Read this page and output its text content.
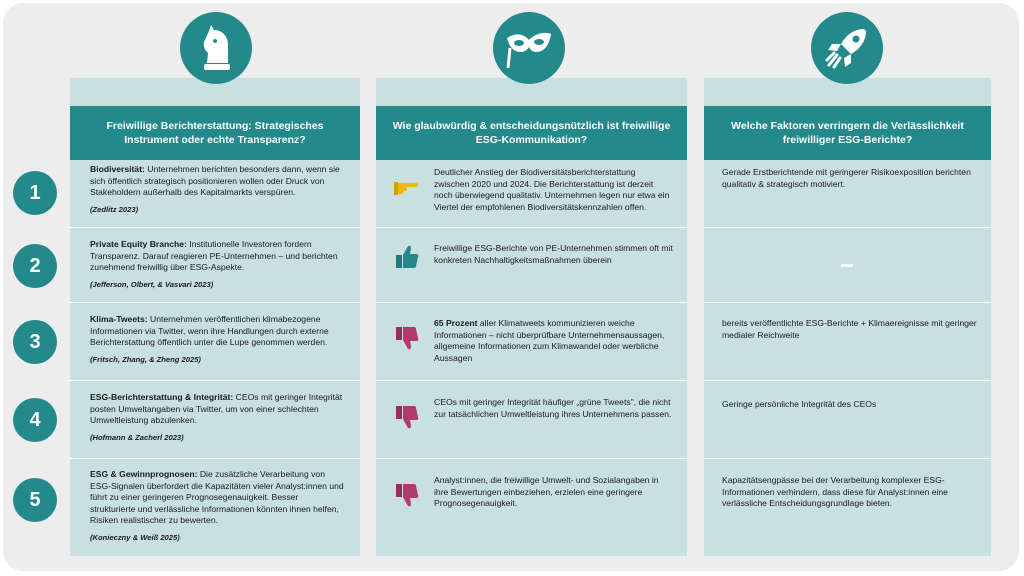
Freiwillige Berichterstattung: Strategisches Instrument oder echte Transparenz?
Biodiversität: Unternehmen berichten besonders dann, wenn sie sich öffentlich strategisch positionieren wollen oder Druck von Stakeholdern außerhalb des Kapitalmarkts verspüren.
(Zedlitz 2023)
Private Equity Branche: Institutionelle Investoren fordern Transparenz. Darauf reagieren PE-Unternehmen – und berichten zunehmend freiwillig über ESG-Aspekte.
(Jefferson, Olbert, & Vasvari 2023)
Klima-Tweets: Unternehmen veröffentlichen klimabezogene Informationen via Twitter, wenn ihre Handlungen durch externe Berichterstattung öffentlich unter die Lupe genommen werden.
(Fritsch, Zhang, & Zheng 2025)
ESG-Berichterstattung & Integrität: CEOs mit geringer Integrität posten Umweltangaben via Twitter, um von einer schlechten Umweltleistung abzulenken.
(Hofmann & Zacherl 2023)
ESG & Gewinnprognosen: Die zusätzliche Verarbeitung von ESG-Signalen überfordert die Kapazitäten vieler Analyst:innen und führt zu einer geringeren Prognosegenauigkeit. Besser strukturierte und verlässliche Informationen könnten ihnen helfen, Risiken realistischer zu bewerten.
(Konieczny & Weiß 2025)
Wie glaubwürdig & entscheidungsnützlich ist freiwillige ESG-Kommunikation?
Deutlicher Anstieg der Biodiversitätsberichterstattung zwischen 2020 und 2024. Die Berichterstattung ist derzeit noch überwiegend qualitativ. Unternehmen legen nur etwa ein Viertel der empfohlenen Biodiversitätskennzahlen offen.
Freiwillige ESG-Berichte von PE-Unternehmen stimmen oft mit konkreten Nachhaltigkeitsmaßnahmen überein
65 Prozent aller Klimatweets kommunizieren weiche Informationen – nicht überprüfbare Unternehmensaussagen, allgemeine Informationen zum Klimawandel oder werbliche Aussagen
CEOs mit geringer Integrität häufiger „grüne Tweets", die nicht zur tatsächlichen Umweltleistung ihres Unternehmens passen.
Analyst:innen, die freiwillige Umwelt- und Sozialangaben in ihre Bewertungen einbeziehen, erzielen eine geringere Prognosegenauigkeit.
Welche Faktoren verringern die Verlässlichkeit freiwilliger ESG-Berichte?
Gerade Erstberichtende mit geringerer Risikoexposition berichten qualitativ & strategisch motiviert.
bereits veröffentlichte ESG-Berichte + Klimaereignisse mit geringer medialer Reichweite
Geringe persönliche Integrität des CEOs
Kapazitätsengpässe bei der Verarbeitung komplexer ESG-Informationen verhindern, dass diese für Analyst:innen eine verlässliche Entscheidungsgrundlage bieten.
1
2
3
4
5
